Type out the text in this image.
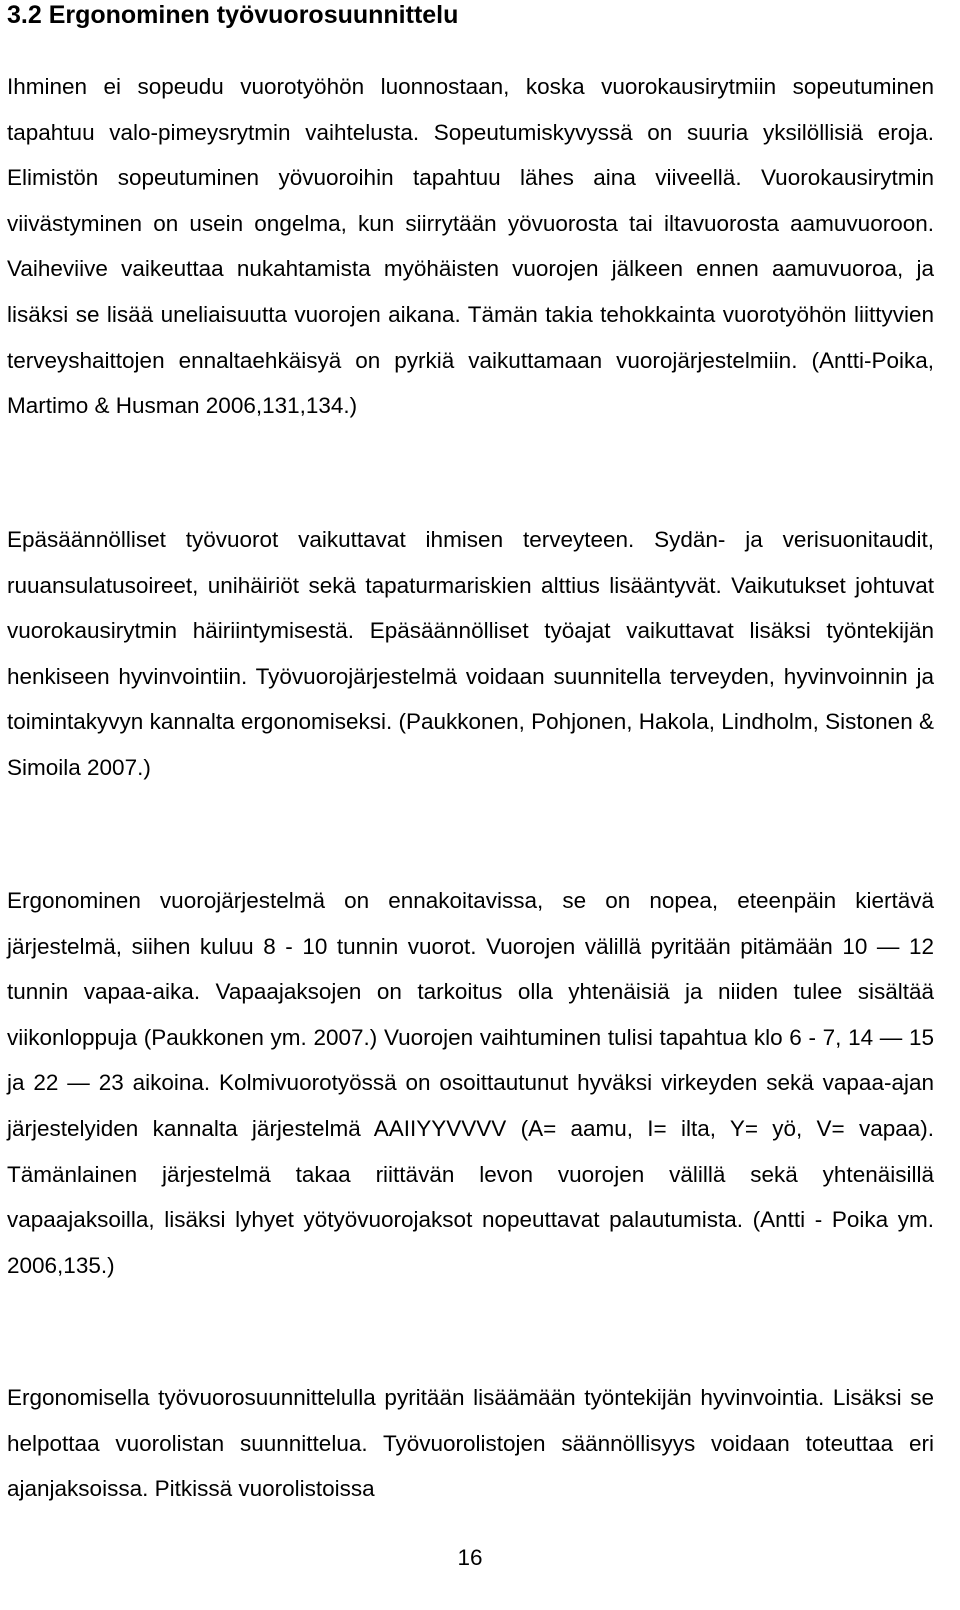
3.2 Ergonominen työvuorosuunnittelu

Ihminen ei sopeudu vuorotyöhön luonnostaan, koska vuorokausirytmiin sopeutuminen tapahtuu valo-pimeysrytmin vaihtelusta. Sopeutumiskyvyssä on suuria yksilöllisiä eroja. Elimistön sopeutuminen yövuoroihin tapahtuu lähes aina viiveellä. Vuorokausirytmin viivästyminen on usein ongelma, kun siirrytään yövuorosta tai iltavuorosta aamuvuoroon. Vaiheviive vaikeuttaa nukahtamista myöhäisten vuorojen jälkeen ennen aamuvuoroa, ja lisäksi se lisää uneliaisuutta vuorojen aikana. Tämän takia tehokkainta vuorotyöhön liittyvien terveyshaittojen ennaltaehkäisyä on pyrkiä vaikuttamaan vuorojärjestelmiin. (Antti-Poika, Martimo & Husman 2006,131,134.)

Epäsäännölliset työvuorot vaikuttavat ihmisen terveyteen. Sydän- ja verisuonitaudit, ruuansulatusoireet, unihäiriöt sekä tapaturmariskien alttius lisääntyvät. Vaikutukset johtuvat vuorokausirytmin häiriintymisestä. Epäsäännölliset työajat vaikuttavat lisäksi työntekijän henkiseen hyvinvointiin. Työvuorojärjestelmä voidaan suunnitella terveyden, hyvinvoinnin ja toimintakyvyn kannalta ergonomiseksi. (Paukkonen, Pohjonen, Hakola, Lindholm, Sistonen & Simoila 2007.)

Ergonominen vuorojärjestelmä on ennakoitavissa, se on nopea, eteenpäin kiertävä järjestelmä, siihen kuluu 8 - 10 tunnin vuorot. Vuorojen välillä pyritään pitämään 10 — 12 tunnin vapaa-aika. Vapaajaksojen on tarkoitus olla yhtenäisiä ja niiden tulee sisältää viikonloppuja (Paukkonen ym. 2007.) Vuorojen vaihtuminen tulisi tapahtua klo 6 - 7, 14 — 15 ja 22 — 23 aikoina. Kolmivuorotyössä on osoittautunut hyväksi virkeyden sekä vapaa-ajan järjestelyiden kannalta järjestelmä AAIIYYVVVV (A= aamu, I= ilta, Y= yö, V= vapaa). Tämänlainen järjestelmä takaa riittävän levon vuorojen välillä sekä yhtenäisillä vapaajaksoilla, lisäksi lyhyet yötyövuorojaksot nopeuttavat palautumista. (Antti - Poika ym. 2006,135.)

Ergonomisella työvuorosuunnittelulla pyritään lisäämään työntekijän hyvinvointia. Lisäksi se helpottaa vuorolistan suunnittelua. Työvuorolistojen säännöllisyys voidaan toteuttaa eri ajanjaksoissa. Pitkissä vuorolistoissa

16
